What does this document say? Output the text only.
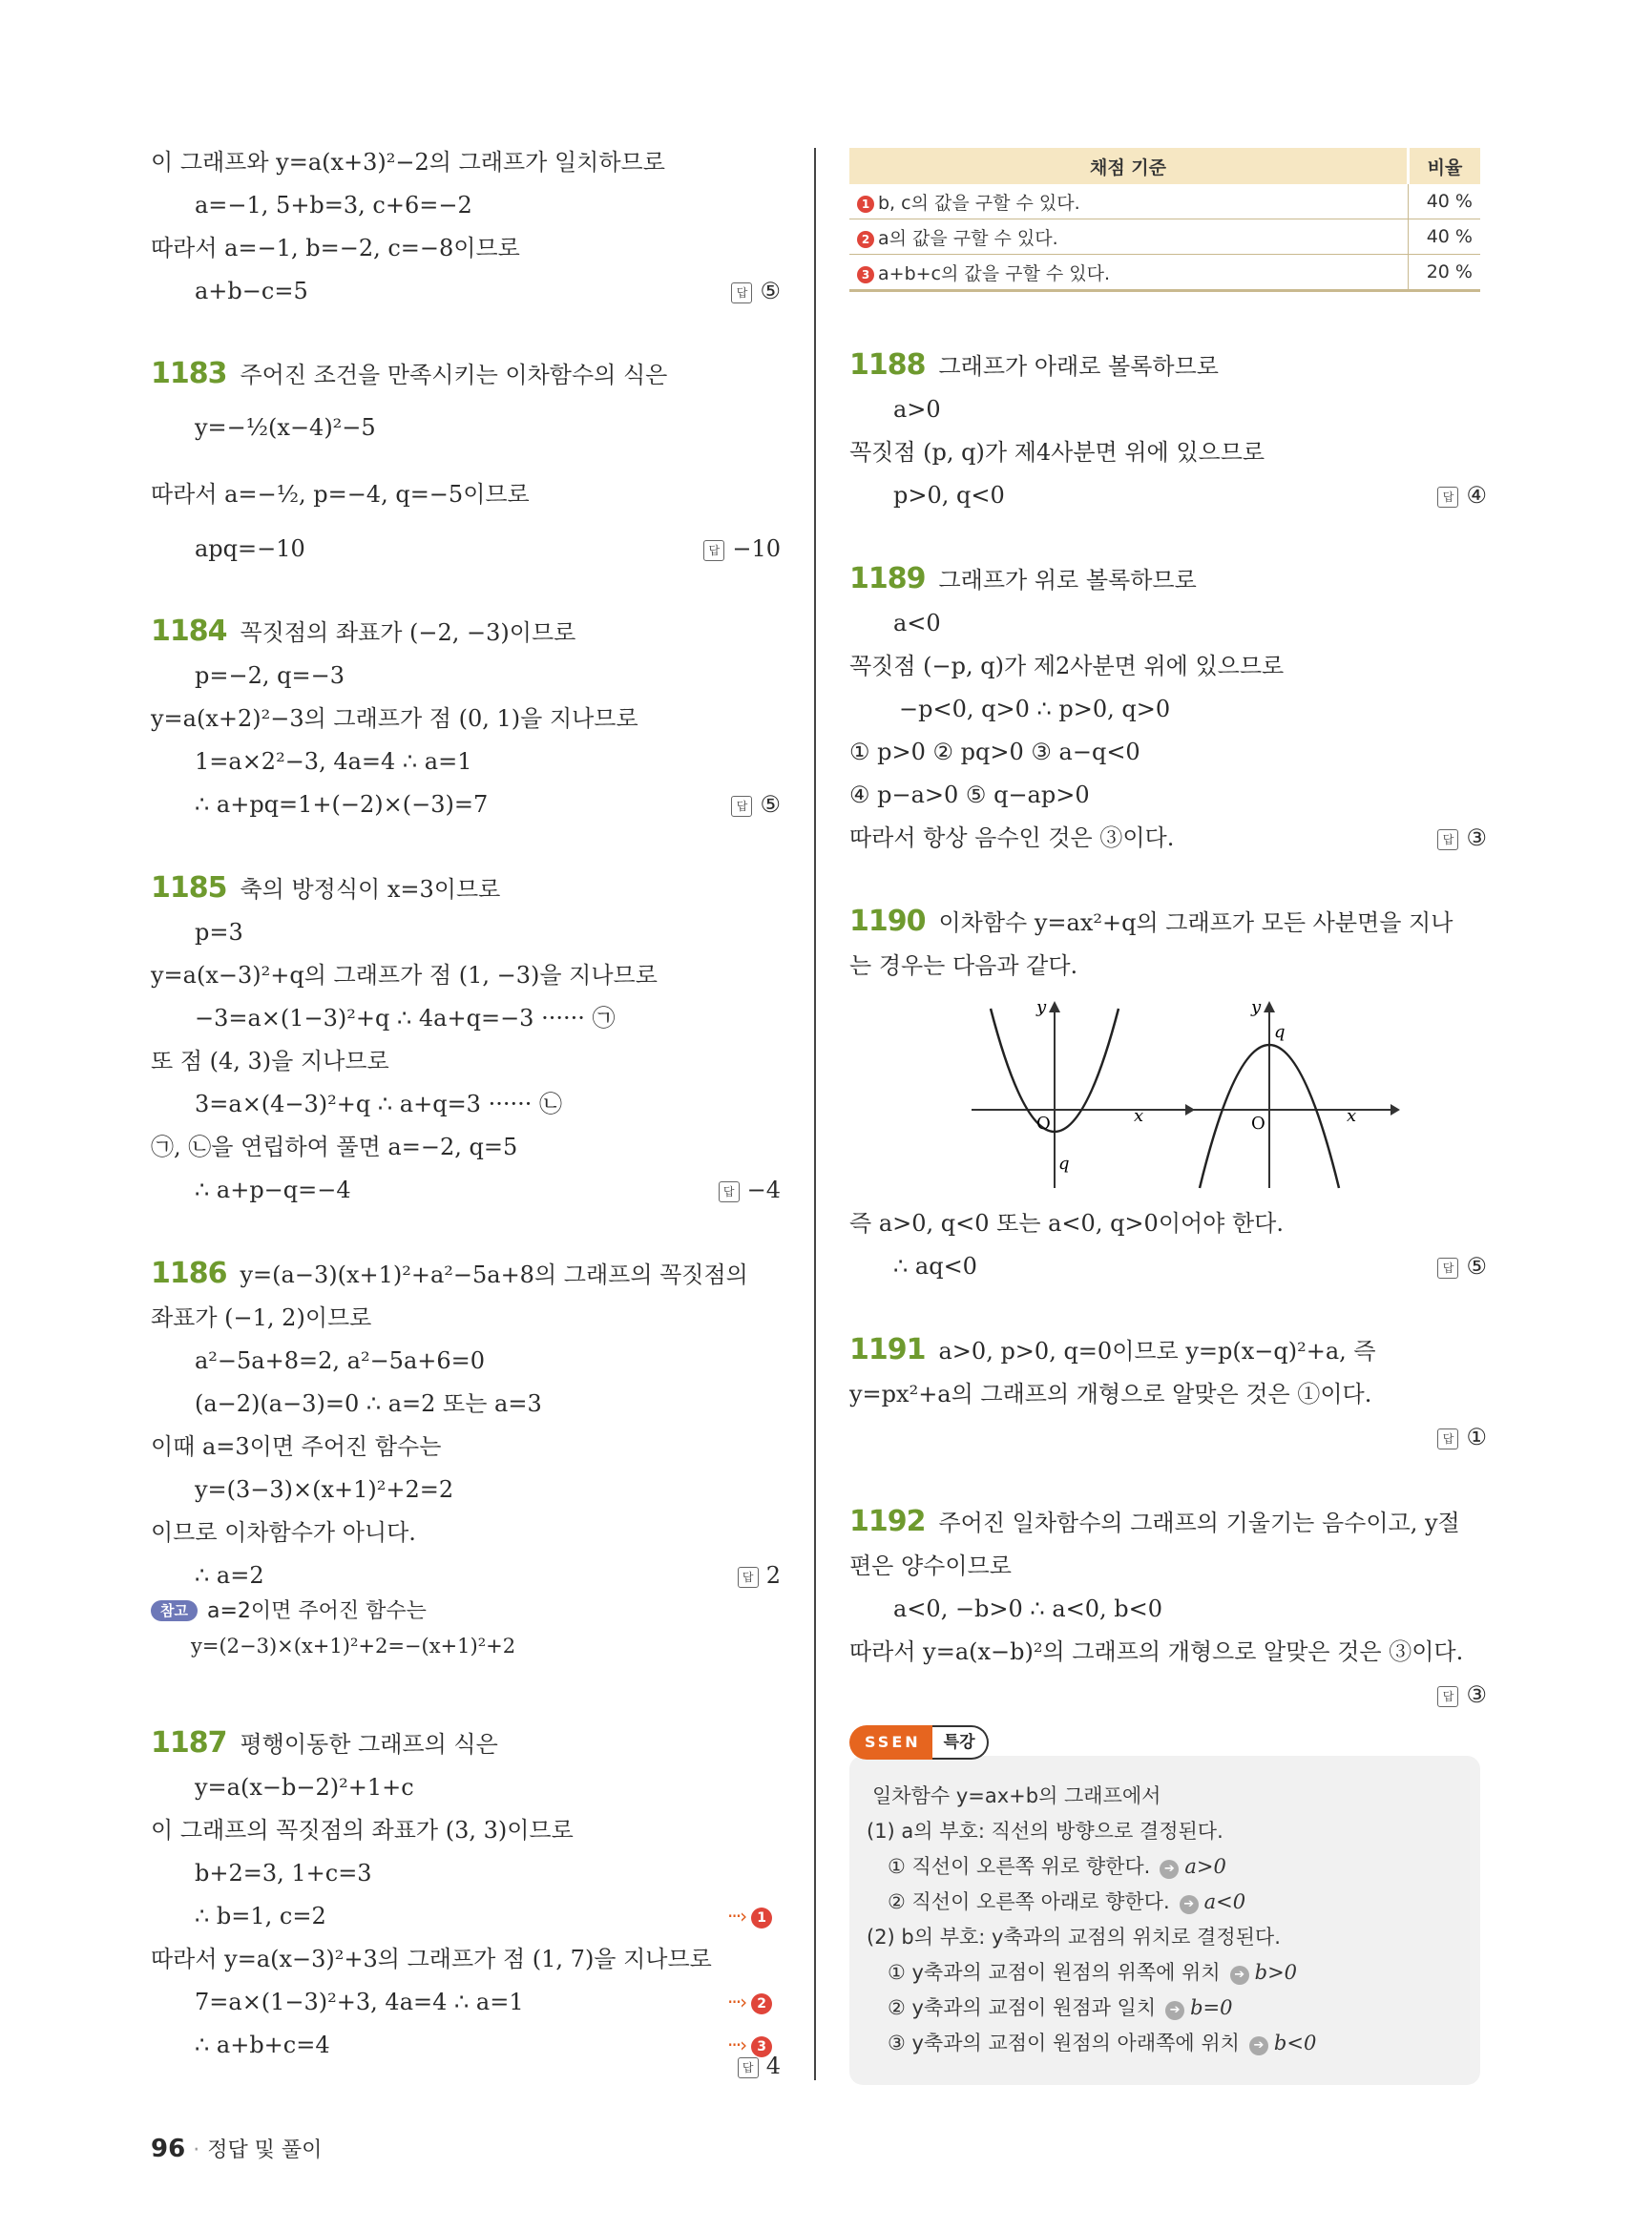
이 그래프와 y=a(x+3)²−2의 그래프가 일치하므로
a=−1, 5+b=3, c+6=−2
따라서 a=−1, b=−2, c=−8이므로
a+b−c=5
1183 주어진 조건을 만족시키는 이차함수의 식은
y=−½(x−4)²−5
따라서 a=−½, p=−4, q=−5이므로
apq=−10
1184 꼭짓점의 좌표가 (−2, −3)이므로
p=−2, q=−3
y=a(x+2)²−3의 그래프가 점 (0, 1)을 지나므로
1=a×2²−3, 4a=4 ∴ a=1
∴ a+pq=1+(−2)×(−3)=7
1185 축의 방정식이 x=3이므로
p=3
y=a(x−3)²+q의 그래프가 점 (1, −3)을 지나므로
−3=a×(1−3)²+q ∴ 4a+q=−3 ······ ㉠
또 점 (4, 3)을 지나므로
3=a×(4−3)²+q ∴ a+q=3 ······ ㉡
㉠, ㉡을 연립하여 풀면 a=−2, q=5
∴ a+p−q=−4
1186 y=(a−3)(x+1)²+a²−5a+8의 그래프의 꼭짓점의
좌표가 (−1, 2)이므로
a²−5a+8=2, a²−5a+6=0
(a−2)(a−3)=0 ∴ a=2 또는 a=3
이때 a=3이면 주어진 함수는
y=(3−3)×(x+1)²+2=2
이므로 이차함수가 아니다.
∴ a=2
1187 평행이동한 그래프의 식은
y=a(x−b−2)²+1+c
이 그래프의 꼭짓점의 좌표가 (3, 3)이므로
b+2=3, 1+c=3
∴ b=1, c=2
따라서 y=a(x−3)²+3의 그래프가 점 (1, 7)을 지나므로
7=a×(1−3)²+3, 4a=4 ∴ a=1
∴ a+b+c=4
답 ⑤
답 −10
답 ⑤
답 −4
답 2
답 4
···› 1
···› 2
···› 3
1188 그래프가 아래로 볼록하므로
a>0
꼭짓점 (p, q)가 제4사분면 위에 있으므로
p>0, q<0
1189 그래프가 위로 볼록하므로
a<0
꼭짓점 (−p, q)가 제2사분면 위에 있으므로
−p<0, q>0 ∴ p>0, q>0
① p>0 ② pq>0 ③ a−q<0
④ p−a>0 ⑤ q−ap>0
따라서 항상 음수인 것은 ③이다.
1190 이차함수 y=ax²+q의 그래프가 모든 사분면을 지나
는 경우는 다음과 같다.
즉 a>0, q<0 또는 a<0, q>0이어야 한다.
∴ aq<0
1191 a>0, p>0, q=0이므로 y=p(x−q)²+a, 즉
y=px²+a의 그래프의 개형으로 알맞은 것은 ①이다.
1192 주어진 일차함수의 그래프의 기울기는 음수이고, y절
편은 양수이므로
a<0, −b>0 ∴ a<0, b<0
따라서 y=a(x−b)²의 그래프의 개형으로 알맞은 것은 ③이다.
답 ④
답 ③
답 ⑤
답 ①
답 ③
참고 a=2이면 주어진 함수는
y=(2−3)×(x+1)²+2=−(x+1)²+2
채점 기준	비율
1 b, c의 값을 구할 수 있다.	40 %
2 a의 값을 구할 수 있다.	40 %
3 a+b+c의 값을 구할 수 있다.	20 %
y
x
O
q
y
x
O
q
SSEN 특강
일차함수 y=ax+b의 그래프에서
(1) a의 부호: 직선의 방향으로 결정된다.
① 직선이 오른쪽 위로 향한다. ➔ a>0
② 직선이 오른쪽 아래로 향한다. ➔ a<0
(2) b의 부호: y축과의 교점의 위치로 결정된다.
① y축과의 교점이 원점의 위쪽에 위치 ➔ b>0
② y축과의 교점이 원점과 일치 ➔ b=0
③ y축과의 교점이 원점의 아래쪽에 위치 ➔ b<0
96 · 정답 및 풀이
